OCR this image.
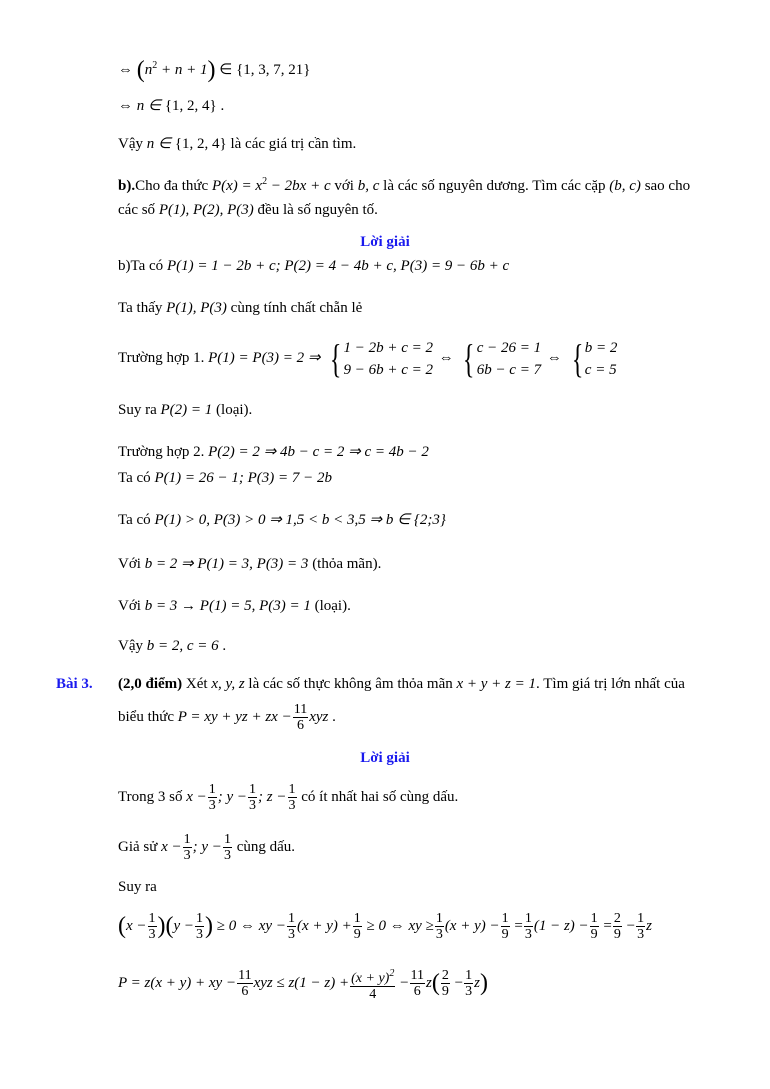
⇔ $(n^2 + n + 1)$ ∈ {1, 3, 7, 21}
⇔ n ∈ {1, 2, 4} .
Vậy n ∈ {1, 2, 4} là các giá trị cần tìm.
b).Cho đa thức $P(x) = x^2 - 2bx + c$ với b, c là các số nguyên dương. Tìm các cặp (b, c) sao cho
các số P(1), P(2), P(3) đều là số nguyên tố.
Lời giải
b)Ta có P(1) = 1 − 2b + c; P(2) = 4 − 4b + c, P(3) = 9 − 6b + c
Ta thấy P(1), P(3) cùng tính chất chẵn lẻ
Trường hợp 1. P(1) = P(3) = 2 ⇒ { 1 − 2b + c = 2
9 − 6b + c = 2
⇔ { c − 26 = 1
6b − c = 7
⇔ { b = 2
c = 5
Suy ra P(2) = 1 (loại).
Trường hợp 2. P(2) = 2 ⇒ 4b − c = 2 ⇒ c = 4b − 2
Ta có P(1) = 26 − 1; P(3) = 7 − 2b
Ta có P(1) > 0, P(3) > 0 ⇒ 1,5 < b < 3,5 ⇒ b ∈ {2;3}
Với b = 2 ⇒ P(1) = 3, P(3) = 3 (thỏa mãn).
Với b = 3 → P(1) = 5, P(3) = 1 (loại).
Vậy b = 2, c = 6 .
Bài 3. (2,0 điểm) Xét x, y, z là các số thực không âm thỏa mãn x + y + z = 1. Tìm giá trị lớn nhất của
biểu thức P = xy + yz + zx − $\frac{11}{6}$ xyz .
Lời giải
Trong 3 số $x - \frac{1}{3}$ ; $y - \frac{1}{3}$ ; $z - \frac{1}{3}$ có ít nhất hai số cùng dấu.
Giả sử $x - \frac{1}{3}$ ; $y - \frac{1}{3}$ cùng dấu.
Suy ra
$(x - \frac{1}{3} )(y - \frac{1}{3}$ ) ≥ 0 ⇔ xy − $\frac{1}{3} (x + y) + \frac{1}{9} \ge 0$ ⇔ xy ≥ $\frac{1}{3} (x + y) - \frac{1}{9} = \frac{1}{3} (1 - z) - \frac{1}{9} = \frac{2}{9} - \frac{1}{3}$ z
P = z(x + y) + xy − $\frac{11}{6}$ xyz ≤ $z(1 - z) + \frac{(x + y)^2}{4} - \frac{11}{6} z( \frac{2}{9} - \frac{1}{3} z)$
